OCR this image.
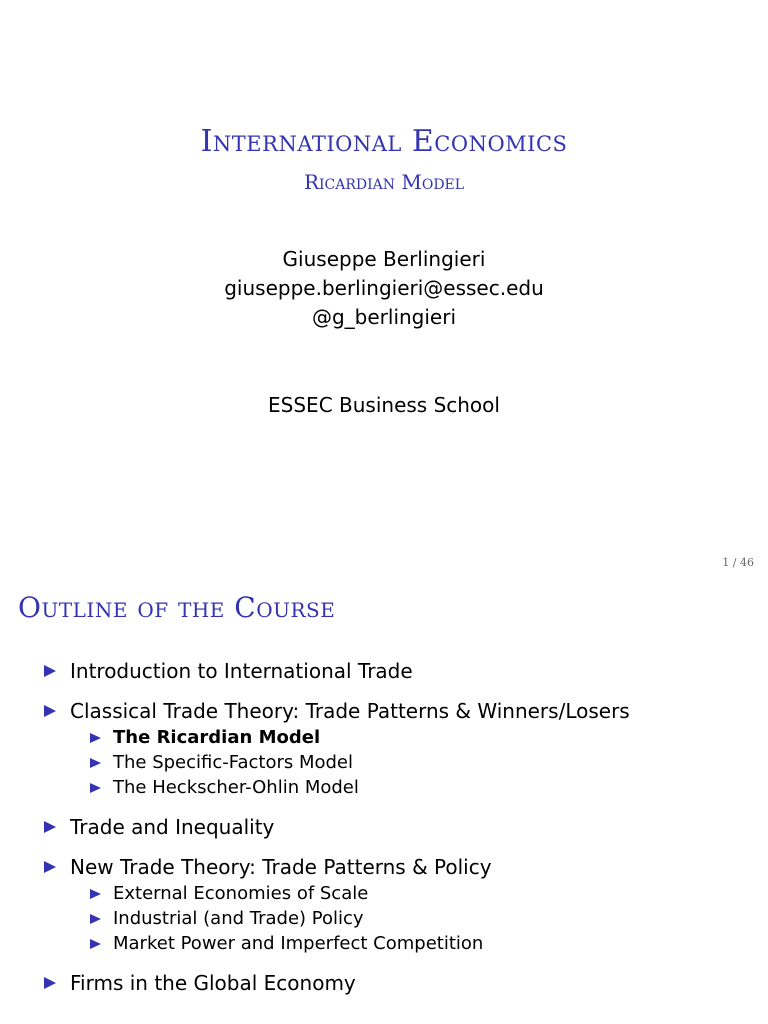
International Economics
Ricardian Model
Giuseppe Berlingieri
giuseppe.berlingieri@essec.edu
@g_berlingieri
ESSEC Business School
1 / 46
Outline of the Course
Introduction to International Trade
Classical Trade Theory: Trade Patterns & Winners/Losers
The Ricardian Model
The Specific-Factors Model
The Heckscher-Ohlin Model
Trade and Inequality
New Trade Theory: Trade Patterns & Policy
External Economies of Scale
Industrial (and Trade) Policy
Market Power and Imperfect Competition
Firms in the Global Economy
